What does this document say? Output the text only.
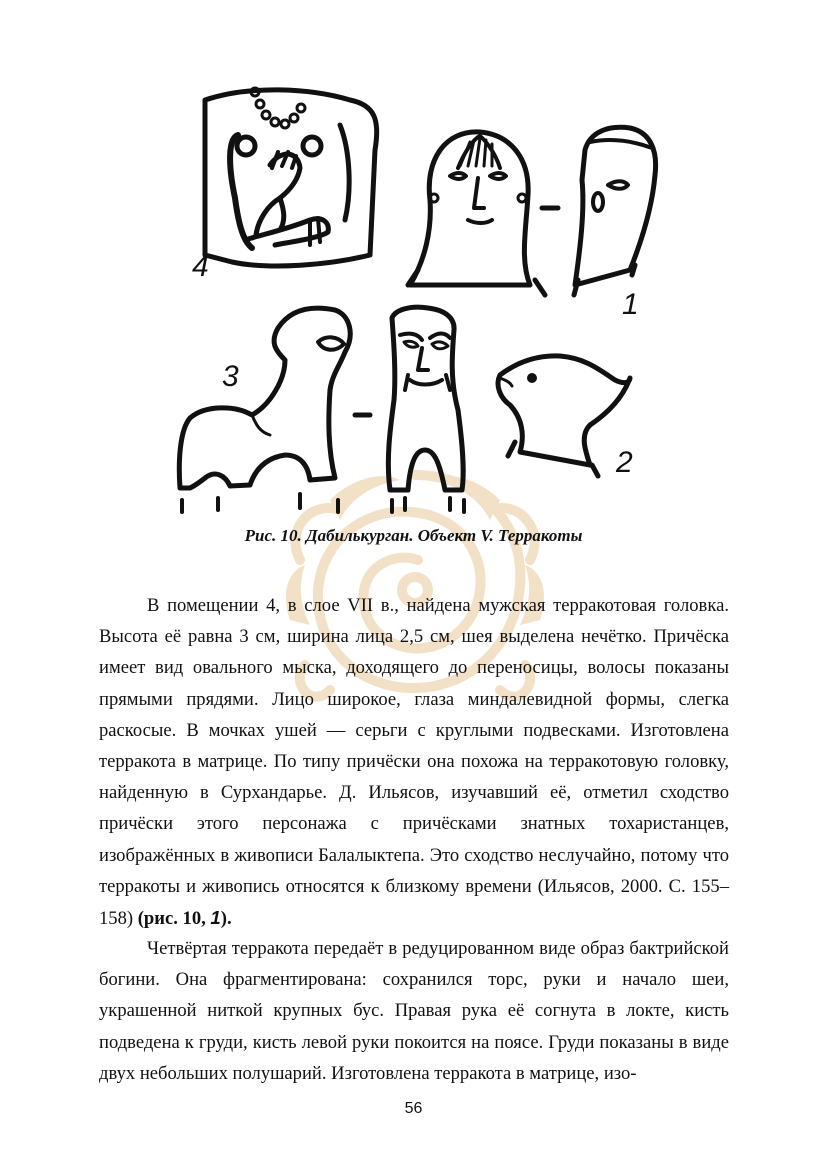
4
1
3
2
Рис. 10. Дабилькурган. Объект V. Терракоты

В помещении 4, в слое VII в., найдена мужская терракотовая головка. Высота её равна 3 см, ширина лица 2,5 см, шея выделена нечётко. Причёска имеет вид овального мыска, доходящего до переносицы, волосы показаны прямыми прядями. Лицо широкое, глаза миндалевидной формы, слегка раскосые. В мочках ушей — серьги с круглыми подвесками. Изготовлена терракота в матрице. По типу причёски она похожа на терракотовую головку, найденную в Сурхандарье. Д. Ильясов, изучавший её, отметил сходство причёски этого персонажа с причёсками знатных тохаристанцев, изображённых в живописи Балалыктепа. Это сходство неслучайно, потому что терракоты и живопись относятся к близкому времени (Ильясов, 2000. С. 155–158) (рис. 10, 1).

Четвёртая терракота передаёт в редуцированном виде образ бактрийской богини. Она фрагментирована: сохранился торс, руки и начало шеи, украшенной ниткой крупных бус. Правая рука её согнута в локте, кисть подведена к груди, кисть левой руки покоится на поясе. Груди показаны в виде двух небольших полушарий. Изготовлена терракота в матрице, изо-

56
